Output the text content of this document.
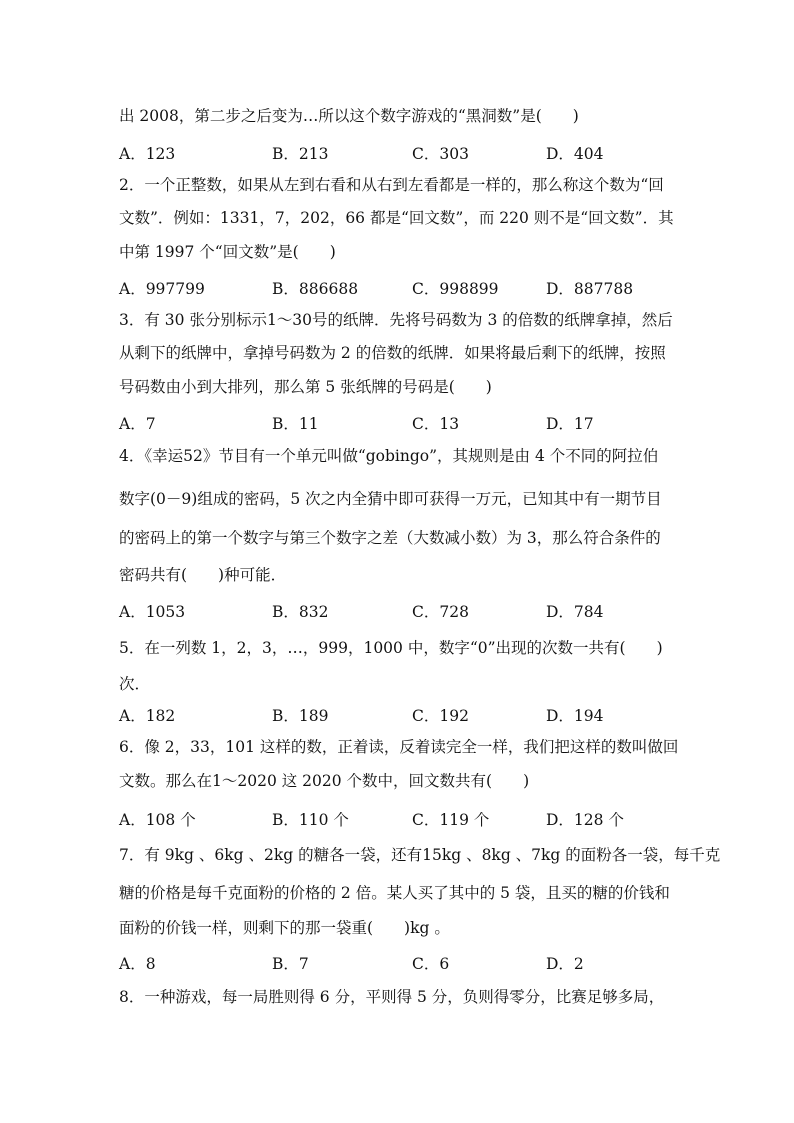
出 2008，第二步之后变为…所以这个数字游戏的“黑洞数”是(　　)
A．123	B．213	C．303	D．404
2．一个正整数，如果从左到右看和从右到左看都是一样的，那么称这个数为“回
文数”．例如：1331，7，202，66 都是“回文数”，而 220 则不是“回文数”．其
中第 1997 个“回文数”是(　　)
A．997799	B．886688	C．998899	D．887788
3．有 30 张分别标示1～30号的纸牌．先将号码数为 3 的倍数的纸牌拿掉，然后
从剩下的纸牌中，拿掉号码数为 2 的倍数的纸牌．如果将最后剩下的纸牌，按照
号码数由小到大排列，那么第 5 张纸牌的号码是(　　)
A．7	B．11	C．13	D．17
4．《幸运52》节目有一个单元叫做“gobingo”，其规则是由 4 个不同的阿拉伯
数字(0－9)组成的密码，5 次之内全猜中即可获得一万元，已知其中有一期节目
的密码上的第一个数字与第三个数字之差（大数减小数）为 3，那么符合条件的
密码共有(　　)种可能．
A．1053	B．832	C．728	D．784
5．在一列数 1，2，3，…，999，1000 中，数字“0”出现的次数一共有(　　)
次．
A．182	B．189	C．192	D．194
6．像 2，33，101 这样的数，正着读，反着读完全一样，我们把这样的数叫做回
文数。那么在1～2020 这 2020 个数中，回文数共有(　　)
A．108 个	B．110 个	C．119 个	D．128 个
7．有 9kg 、6kg 、2kg 的糖各一袋，还有15kg 、8kg 、7kg 的面粉各一袋，每千克
糖的价格是每千克面粉的价格的 2 倍。某人买了其中的 5 袋，且买的糖的价钱和
面粉的价钱一样，则剩下的那一袋重(　　)kg 。
A．8	B．7	C．6	D．2
8．一种游戏，每一局胜则得 6 分，平则得 5 分，负则得零分，比赛足够多局，
